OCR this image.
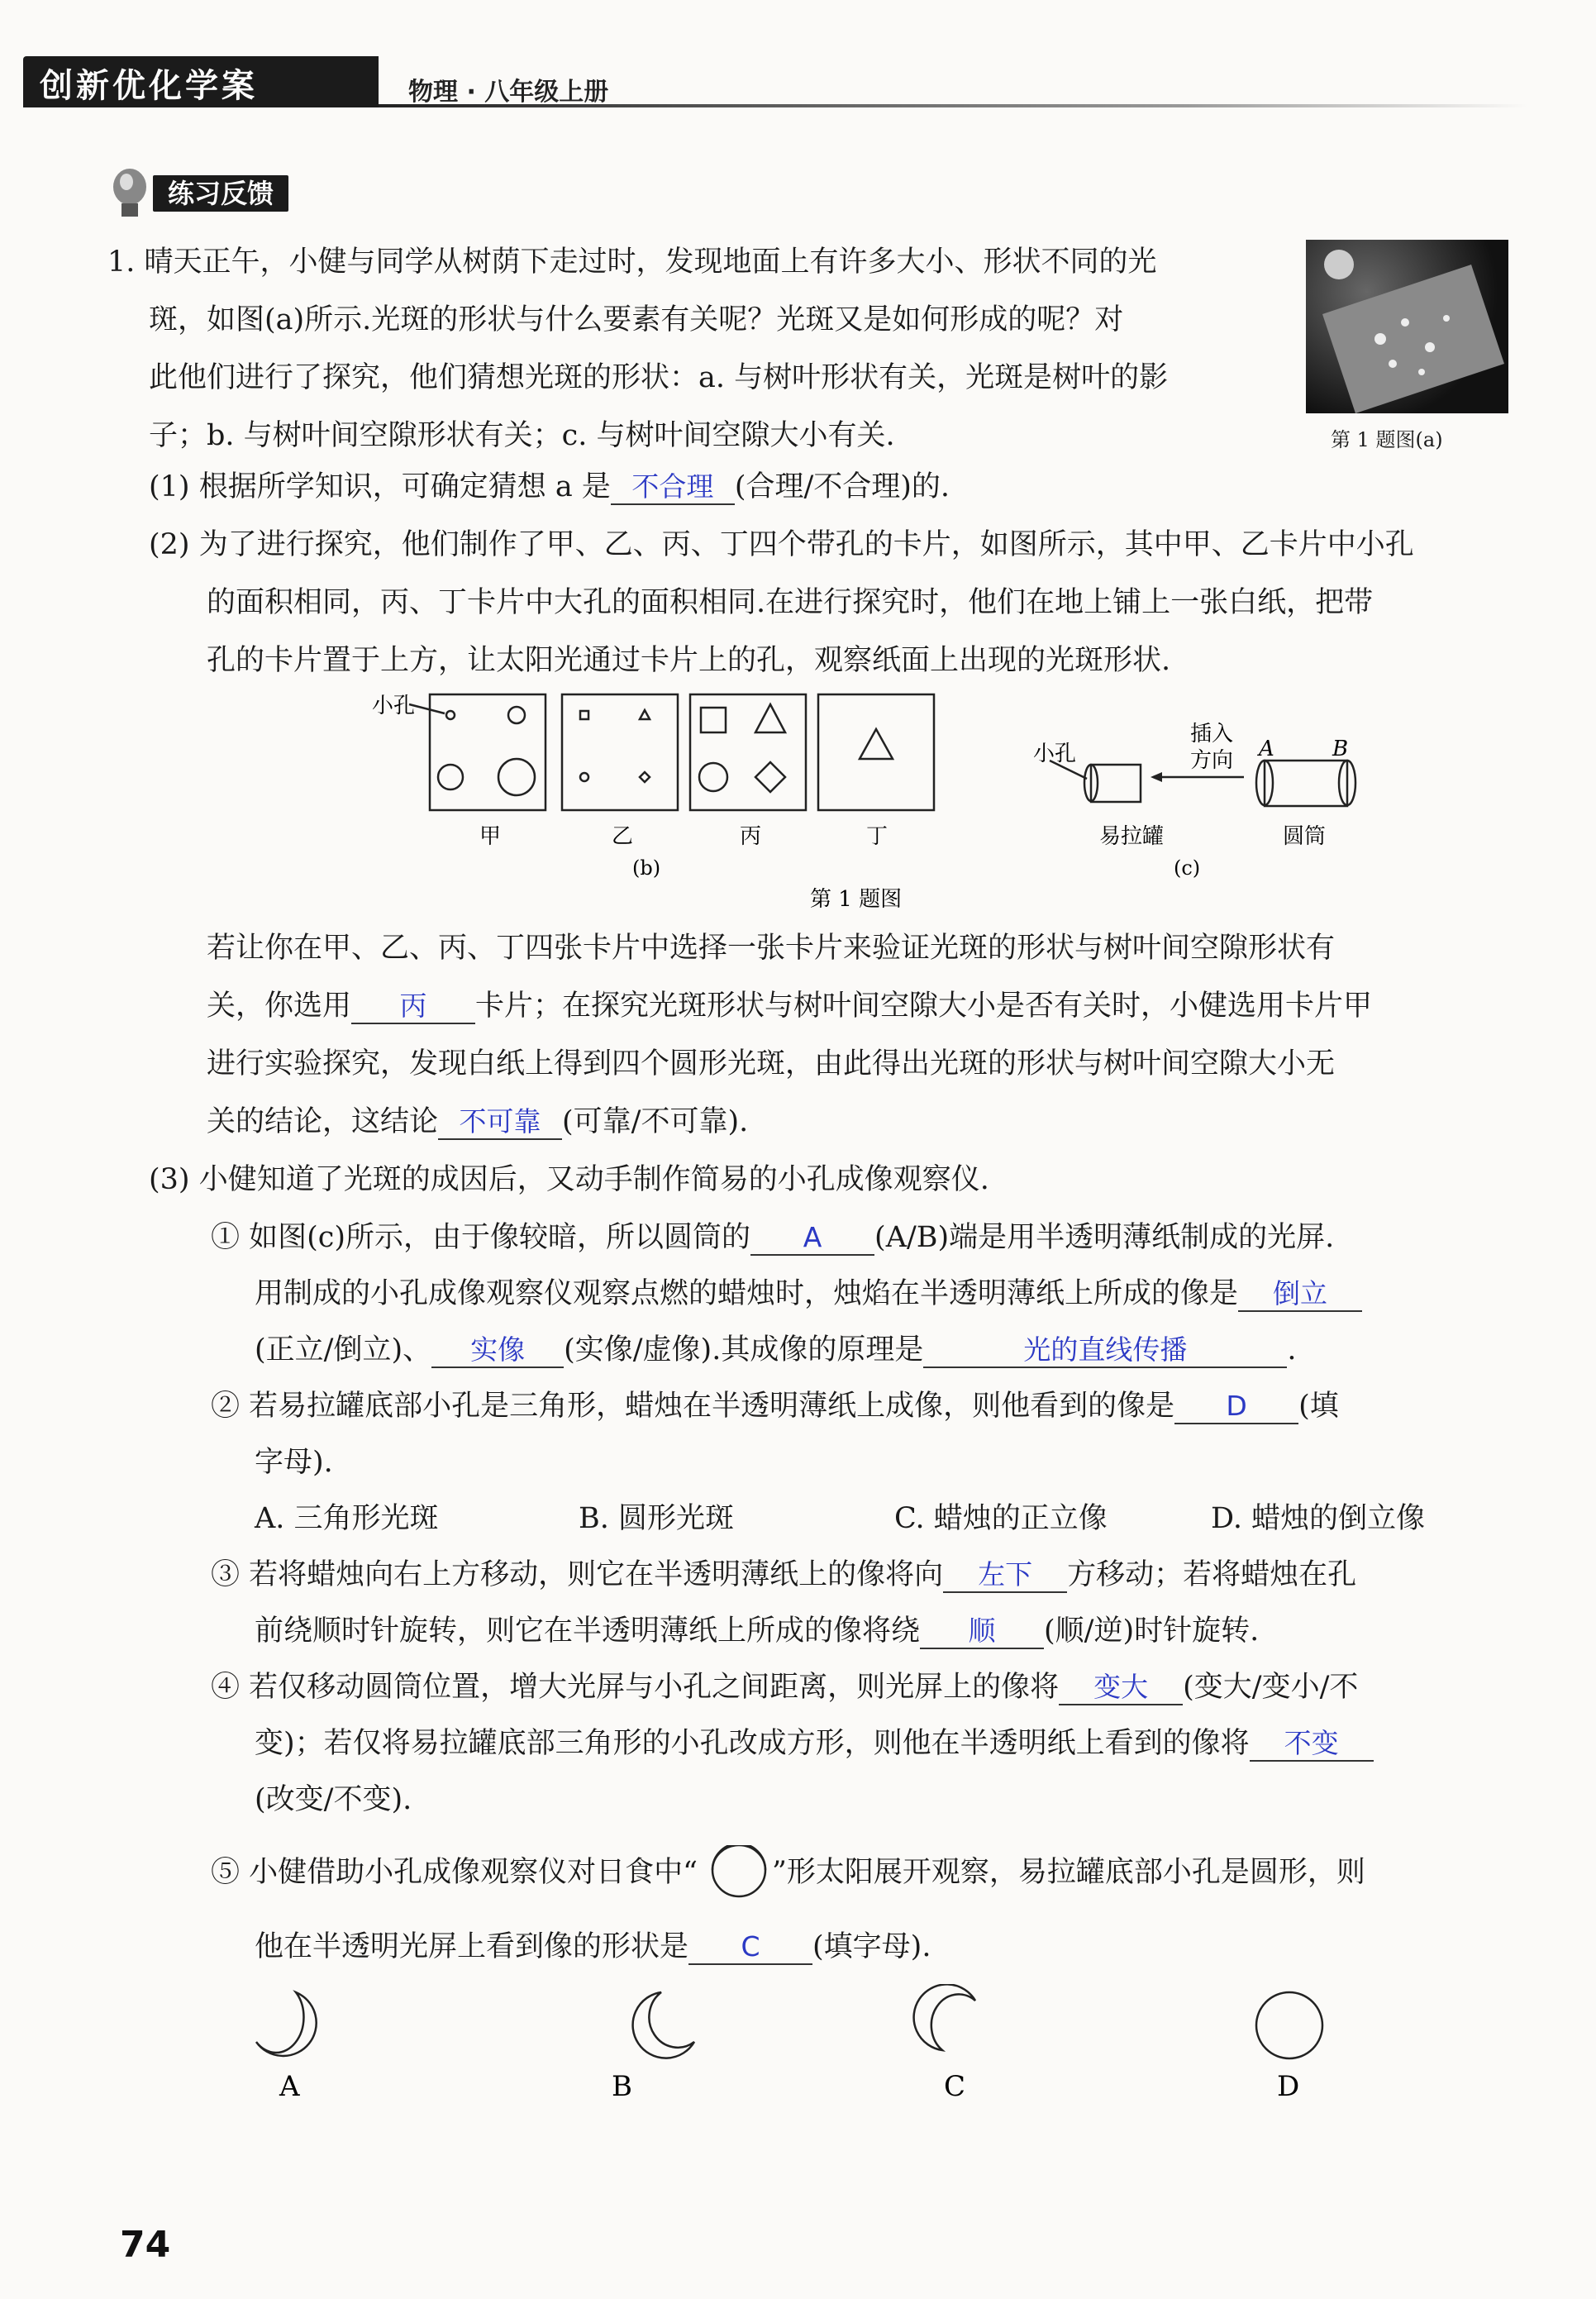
创新优化学案	物理 · 八年级上册
练习反馈
第 1 题图(a)
1. 晴天正午，小健与同学从树荫下走过时，发现地面上有许多大小、形状不同的光
斑，如图(a)所示.光斑的形状与什么要素有关呢？光斑又是如何形成的呢？对
此他们进行了探究，他们猜想光斑的形状：a. 与树叶形状有关，光斑是树叶的影
子；b. 与树叶间空隙形状有关；c. 与树叶间空隙大小有关.
(1) 根据所学知识，可确定猜想 a 是 不合理 (合理/不合理)的.
(2) 为了进行探究，他们制作了甲、乙、丙、丁四个带孔的卡片，如图所示，其中甲、乙卡片中小孔
的面积相同，丙、丁卡片中大孔的面积相同.在进行探究时，他们在地上铺上一张白纸，把带
孔的卡片置于上方，让太阳光通过卡片上的孔，观察纸面上出现的光斑形状.
小孔
甲	乙	丙	丁
(b)
小孔
插入
方向 A	B
易拉罐	圆筒
(c)
第 1 题图
若让你在甲、乙、丙、丁四张卡片中选择一张卡片来验证光斑的形状与树叶间空隙形状有
关，你选用 丙 卡片；在探究光斑形状与树叶间空隙大小是否有关时，小健选用卡片甲
进行实验探究，发现白纸上得到四个圆形光斑，由此得出光斑的形状与树叶间空隙大小无
关的结论，这结论 不可靠 (可靠/不可靠).
(3) 小健知道了光斑的成因后，又动手制作简易的小孔成像观察仪.
① 如图(c)所示，由于像较暗，所以圆筒的 A (A/B)端是用半透明薄纸制成的光屏.
用制成的小孔成像观察仪观察点燃的蜡烛时，烛焰在半透明薄纸上所成的像是 倒立
(正立/倒立)、 实像 (实像/虚像).其成像的原理是	光的直线传播	.
② 若易拉罐底部小孔是三角形，蜡烛在半透明薄纸上成像，则他看到的像是 D (填
字母).
A. 三角形光斑	B. 圆形光斑	C. 蜡烛的正立像	D. 蜡烛的倒立像
③ 若将蜡烛向右上方移动，则它在半透明薄纸上的像将向 左下 方移动；若将蜡烛在孔
前绕顺时针旋转，则它在半透明薄纸上所成的像将绕 顺 (顺/逆)时针旋转.
④ 若仅移动圆筒位置，增大光屏与小孔之间距离，则光屏上的像将 变大 (变大/变小/不
变)；若仅将易拉罐底部三角形的小孔改成方形，则他在半透明纸上看到的像将 不变
(改变/不变).
⑤ 小健借助小孔成像观察仪对日食中“	”形太阳展开观察，易拉罐底部小孔是圆形，则
他在半透明光屏上看到像的形状是 C (填字母).
A	B	C	D
74
